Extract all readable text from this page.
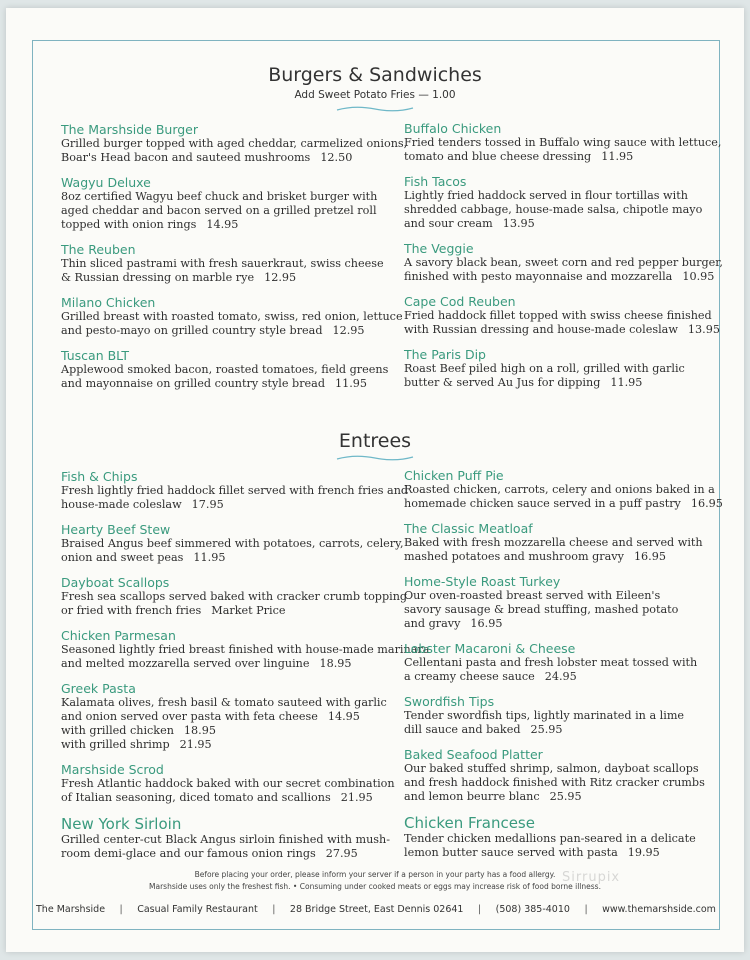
Burgers & Sandwiches
Add Sweet Potato Fries — 1.00
The Marshside Burger
Grilled burger topped with aged cheddar, carmelized onions,
Boar's Head bacon and sauteed mushrooms 12.50
Wagyu Deluxe
8oz certified Wagyu beef chuck and brisket burger with
aged cheddar and bacon served on a grilled pretzel roll
topped with onion rings 14.95
The Reuben
Thin sliced pastrami with fresh sauerkraut, swiss cheese
& Russian dressing on marble rye 12.95
Milano Chicken
Grilled breast with roasted tomato, swiss, red onion, lettuce
and pesto-mayo on grilled country style bread 12.95
Tuscan BLT
Applewood smoked bacon, roasted tomatoes, field greens
and mayonnaise on grilled country style bread 11.95
Buffalo Chicken
Fried tenders tossed in Buffalo wing sauce with lettuce,
tomato and blue cheese dressing 11.95
Fish Tacos
Lightly fried haddock served in flour tortillas with
shredded cabbage, house-made salsa, chipotle mayo
and sour cream 13.95
The Veggie
A savory black bean, sweet corn and red pepper burger,
finished with pesto mayonnaise and mozzarella 10.95
Cape Cod Reuben
Fried haddock fillet topped with swiss cheese finished
with Russian dressing and house-made coleslaw 13.95
The Paris Dip
Roast Beef piled high on a roll, grilled with garlic
butter & served Au Jus for dipping 11.95
Entrees
Fish & Chips
Fresh lightly fried haddock fillet served with french fries and
house-made coleslaw 17.95
Hearty Beef Stew
Braised Angus beef simmered with potatoes, carrots, celery,
onion and sweet peas 11.95
Dayboat Scallops
Fresh sea scallops served baked with cracker crumb topping
or fried with french fries Market Price
Chicken Parmesan
Seasoned lightly fried breast finished with house-made marinara
and melted mozzarella served over linguine 18.95
Greek Pasta
Kalamata olives, fresh basil & tomato sauteed with garlic
and onion served over pasta with feta cheese 14.95
with grilled chicken 18.95
with grilled shrimp 21.95
Marshside Scrod
Fresh Atlantic haddock baked with our secret combination
of Italian seasoning, diced tomato and scallions 21.95
New York Sirloin
Grilled center-cut Black Angus sirloin finished with mush-
room demi-glace and our famous onion rings 27.95
Chicken Puff Pie
Roasted chicken, carrots, celery and onions baked in a
homemade chicken sauce served in a puff pastry 16.95
The Classic Meatloaf
Baked with fresh mozzarella cheese and served with
mashed potatoes and mushroom gravy 16.95
Home-Style Roast Turkey
Our oven-roasted breast served with Eileen's
savory sausage & bread stuffing, mashed potato
and gravy 16.95
Lobster Macaroni & Cheese
Cellentani pasta and fresh lobster meat tossed with
a creamy cheese sauce 24.95
Swordfish Tips
Tender swordfish tips, lightly marinated in a lime
dill sauce and baked 25.95
Baked Seafood Platter
Our baked stuffed shrimp, salmon, dayboat scallops
and fresh haddock finished with Ritz cracker crumbs
and lemon beurre blanc 25.95
Chicken Francese
Tender chicken medallions pan-seared in a delicate
lemon butter sauce served with pasta 19.95
Before placing your order, please inform your server if a person in your party has a food allergy.
Marshside uses only the freshest fish. • Consuming under cooked meats or eggs may increase risk of food borne illness.
Sirrupix
The Marshside | Casual Family Restaurant | 28 Bridge Street, East Dennis 02641 | (508) 385-4010 | www.themarshside.com
